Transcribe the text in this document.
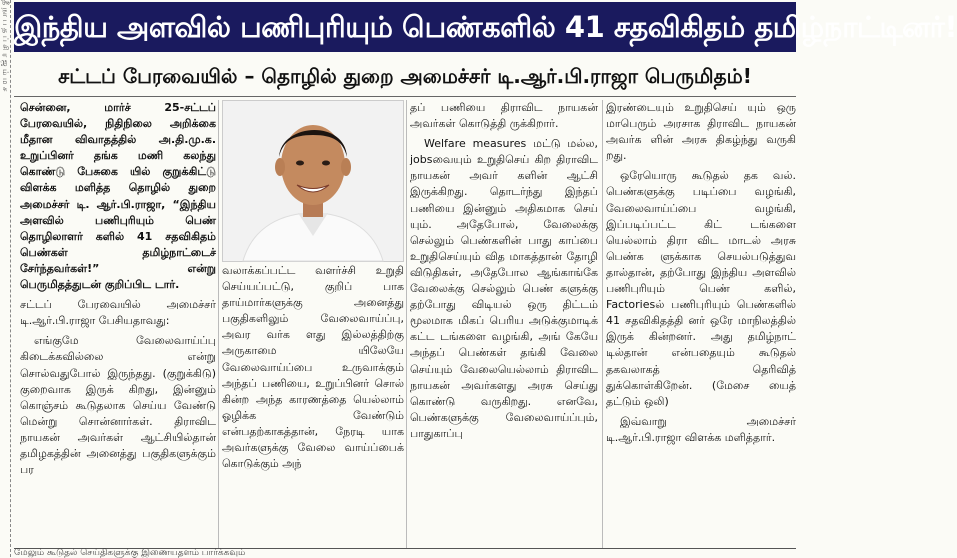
தீ நா ப த ப் சி ர ஜ ம் ம ச இந்திய அளவில் பணிபுரியும் பெண்களில் 41 சதவிகிதம் தமிழ்நாட்டினர்!
சட்டப் பேரவையில் – தொழில் துறை அமைச்சர் டி.ஆர்.பி.ராஜா பெருமிதம்!

சென்னை, மார்ச் 25-சட்டப் பேரவையில், நிதிநிலை அறிக்கை மீதான விவாதத்தில் அ.தி.மு.க. உறுப்பினர் தங்க மணி கலந்து கொண்டு பேசுகை யில் குறுக்கிட்டு விளக்க மளித்த தொழில் துறை அமைச்சர் டி. ஆர்.பி.ராஜா, “இந்திய அளவில் பணிபுரியும் பெண் தொழிலாளர் களில் 41 சதவிகிதம் பெண்கள் தமிழ்நாட்டைச் சேர்ந்தவர்கள்!” என்று பெருமிதத்துடன் குறிப்பிட டார்.

சட்டப் பேரவையில் அமைச்சர் டி.ஆர்.பி.ராஜா பேசியதாவது:

எங்குமே வேலைவாய்ப்பு கிடைக்கவில்லை என்று சொல்வதுபோல் இருந்தது. (குறுக்கிடு) குறைவாக இருக் கிறது, இன்னும் கொஞ்சம் கூடுதலாக செய்ய வேண்டு மென்று சொன்னார்கள். திராவிட நாயகன் அவர்கள் ஆட்சியில்தான் தமிழகத்தின் அனைத்து பகுதிகளுக்கும் பர

வலாக்கப்பட்ட வளர்ச்சி உறுதி செய்யப்பட்டு, குறிப் பாக தாய்மார்களுக்கு அனைத்து பகுதிகளிலும் வேலைவாய்ப்பு, அவர வர்க ளது இல்லத்திற்கு அருகாமை யிலேயே வேலைவாய்ப்பை உருவாக்கும் அந்தப் பணியை, உறுப்பினர் சொல் கின்ற அந்த காரணத்தை யெல்லாம் ஓழிக்க வேண்டும் என்பதற்காகத்தான், நேரடி யாக அவர்களுக்கு வேலை வாய்ப்பைக் கொடுக்கும் அந்

தப் பணியை திராவிட நாயகன் அவர்கள் கொடுத்தி ருக்கிறார்.

Welfare measures மட்டு மல்ல, jobsவையும் உறுதிசெய் கிற திராவிட நாயகன் அவர் களின் ஆட்சி இருக்கிறது. தொடர்ந்து இந்தப் பணியை இன்னும் அதிகமாக செய் யும். அதேபோல், வேலைக்கு செல்லும் பெண்களின் பாது காப்பை உறுதிசெய்யும் வித மாகத்தான் தோழி விடுதிகள், அதேபோல ஆங்காங்கே வேலைக்கு செல்லும் பெண் களுக்கு தற்போது விடியல் ஒரு திட்டம் மூலமாக மிகப் பெரிய அடுக்குமாடிக் கட்ட டங்களை வழங்கி, அங் கேயே அந்தப் பெண்கள் தங்கி வேலை செய்யும் வேலையெல்லாம் திராவிட நாயகன் அவர்களது அரசு செய்து கொண்டு வருகிறது. எனவே, பெண்களுக்கு வேலைவாய்ப்பும், பாதுகாப்பு

இரண்டையும் உறுதிசெய் யும் ஒரு மாபெரும் அரசாக திராவிட நாயகன் அவர்க ளின் அரசு திகழ்ந்து வருகி றது.

ஒரேயொரு கூடுதல் தக வல். பெண்களுக்கு படிப்பை வழங்கி, வேலைவாய்ப்பை வழங்கி, இப்படிப்பட்ட கிட் டங்களை யெல்லாம் திரா விட மாடல் அரசு பெண்க ளுக்காக செயல்படுத்துவ தால்தான், தற்போது இந்திய அளவில் பணிபுரியும் பெண் களில், Factoriesல் பணிபுரியும் பெண்களில் 41 சதவிகிதத்தி னர் ஒரே மாநிலத்தில் இருக் கின்றனர். அது தமிழ்நாட் டில்தான் என்பதையும் கூடுதல் தகவலாகத் தெரிவித் துக்கொள்கிறேன். (மேசை யைத் தட்டும் ஒலி)

இவ்வாறு அமைச்சர் டி.ஆர்.பி.ராஜா விளக்க மளித்தார்.

மேலும் கூடுதல் செய்திகளுக்கு இணையதளம் பார்க்கவும்
